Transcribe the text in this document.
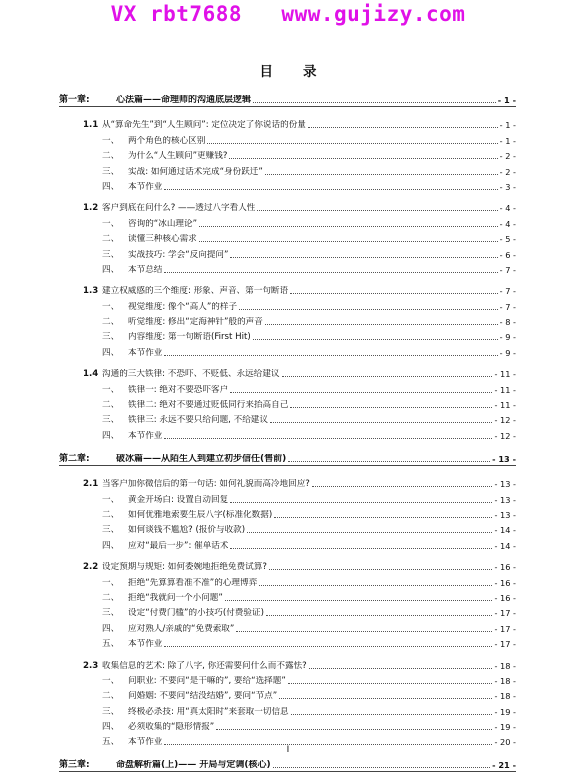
VX rbt7688   www.gujizy.com
目录
第一章:	心法篇——命理师的沟通底层逻辑	- 1 -
1.1 从“算命先生”到“人生顾问”: 定位决定了你说话的份量	- 1 -
一、	两个角色的核心区别	- 1 -
二、	为什么“人生顾问”更赚钱?	- 2 -
三、	实战: 如何通过话术完成“身份跃迁”	- 2 -
四、	本节作业	- 3 -
1.2 客户到底在问什么? ——透过八字看人性	- 4 -
一、	咨询的“冰山理论”	- 4 -
二、	读懂三种核心需求	- 5 -
三、	实战技巧: 学会“反向提问”	- 6 -
四、	本节总结	- 7 -
1.3 建立权威感的三个维度: 形象、声音、第一句断语	- 7 -
一、	视觉维度: 像个“高人”的样子	- 7 -
二、	听觉维度: 修出“定海神针”般的声音	- 8 -
三、	内容维度: 第一句断语(First Hit)	- 9 -
四、	本节作业	- 9 -
1.4 沟通的三大铁律: 不恐吓、不贬低、永远给建议	- 11 -
一、	铁律一: 绝对不要恐吓客户	- 11 -
二、	铁律二: 绝对不要通过贬低同行来抬高自己	- 11 -
三、	铁律三: 永远不要只给问题, 不给建议	- 12 -
四、	本节作业	- 12 -
第二章:	破冰篇——从陌生人到建立初步信任(售前)	- 13 -
2.1 当客户加你微信后的第一句话: 如何礼貌而高冷地回应?	- 13 -
一、	黄金开场白: 设置自动回复	- 13 -
二、	如何优雅地索要生辰八字(标准化数据)	- 13 -
三、	如何谈钱不尴尬? (报价与收款)	- 14 -
四、	应对“最后一步”: 催单话术	- 14 -
2.2 设定预期与规矩: 如何委婉地拒绝免费试算?	- 16 -
一、	拒绝“先算算看准不准”的心理博弈	- 16 -
二、	拒绝“我就问一个小问题”	- 16 -
三、	设定“付费门槛”的小技巧(付费验证)	- 17 -
四、	应对熟人/亲戚的“免费索取”	- 17 -
五、	本节作业	- 17 -
2.3 收集信息的艺术: 除了八字, 你还需要问什么而不露怯?	- 18 -
一、	问职业: 不要问“是干嘛的”, 要给“选择题”	- 18 -
二、	问婚姻: 不要问“结没结婚”, 要问“节点”	- 18 -
三、	终极必杀技: 用“真太阳时”来套取一切信息	- 19 -
四、	必须收集的“隐形情报”	- 19 -
五、	本节作业	- 20 -
第三章:	命盘解析篇(上)—— 开局与定调(核心)	- 21 -
I
